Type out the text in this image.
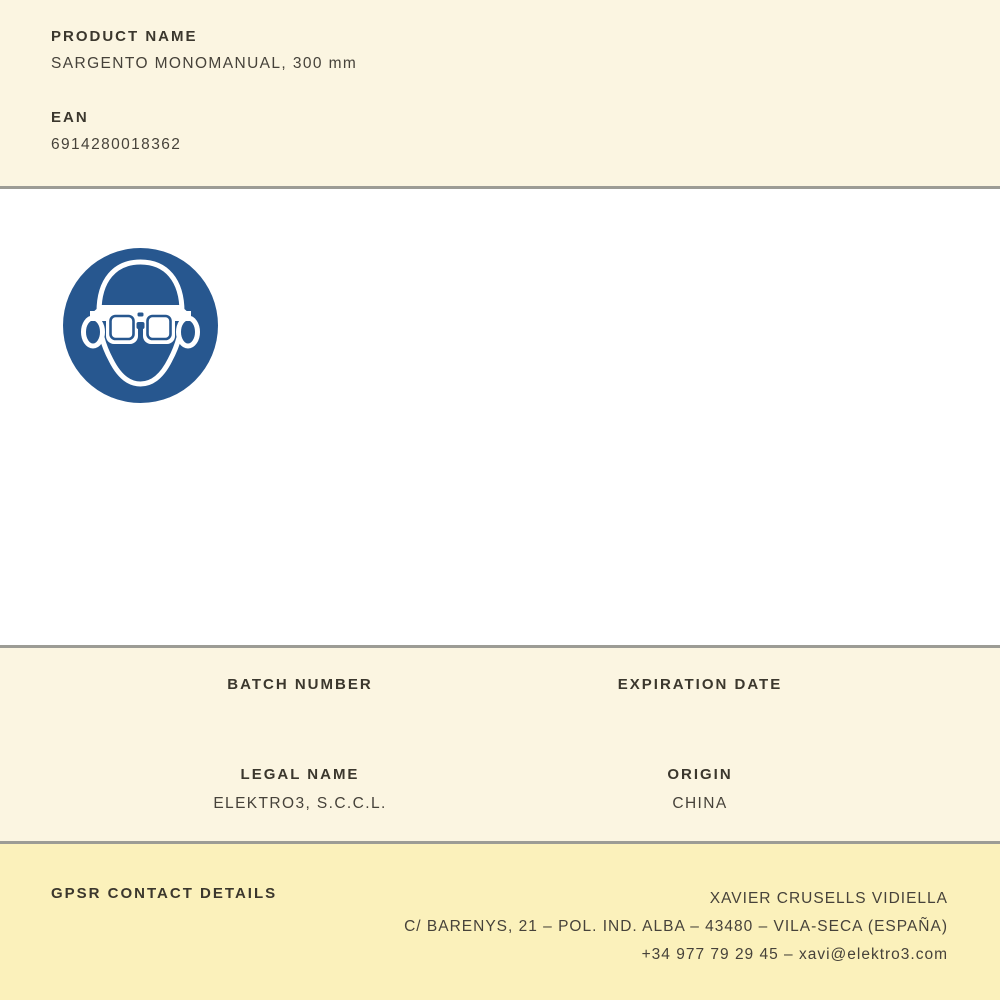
PRODUCT NAME
SARGENTO MONOMANUAL, 300 mm
EAN
6914280018362
BATCH NUMBER
LEGAL NAME
ELEKTRO3, S.C.C.L.
EXPIRATION DATE
ORIGIN
CHINA
GPSR CONTACT DETAILS	XAVIER CRUSELLS VIDIELLA
C/ BARENYS, 21 – POL. IND. ALBA – 43480 – VILA-SECA (ESPAÑA)
+34 977 79 29 45 – xavi@elektro3.com
